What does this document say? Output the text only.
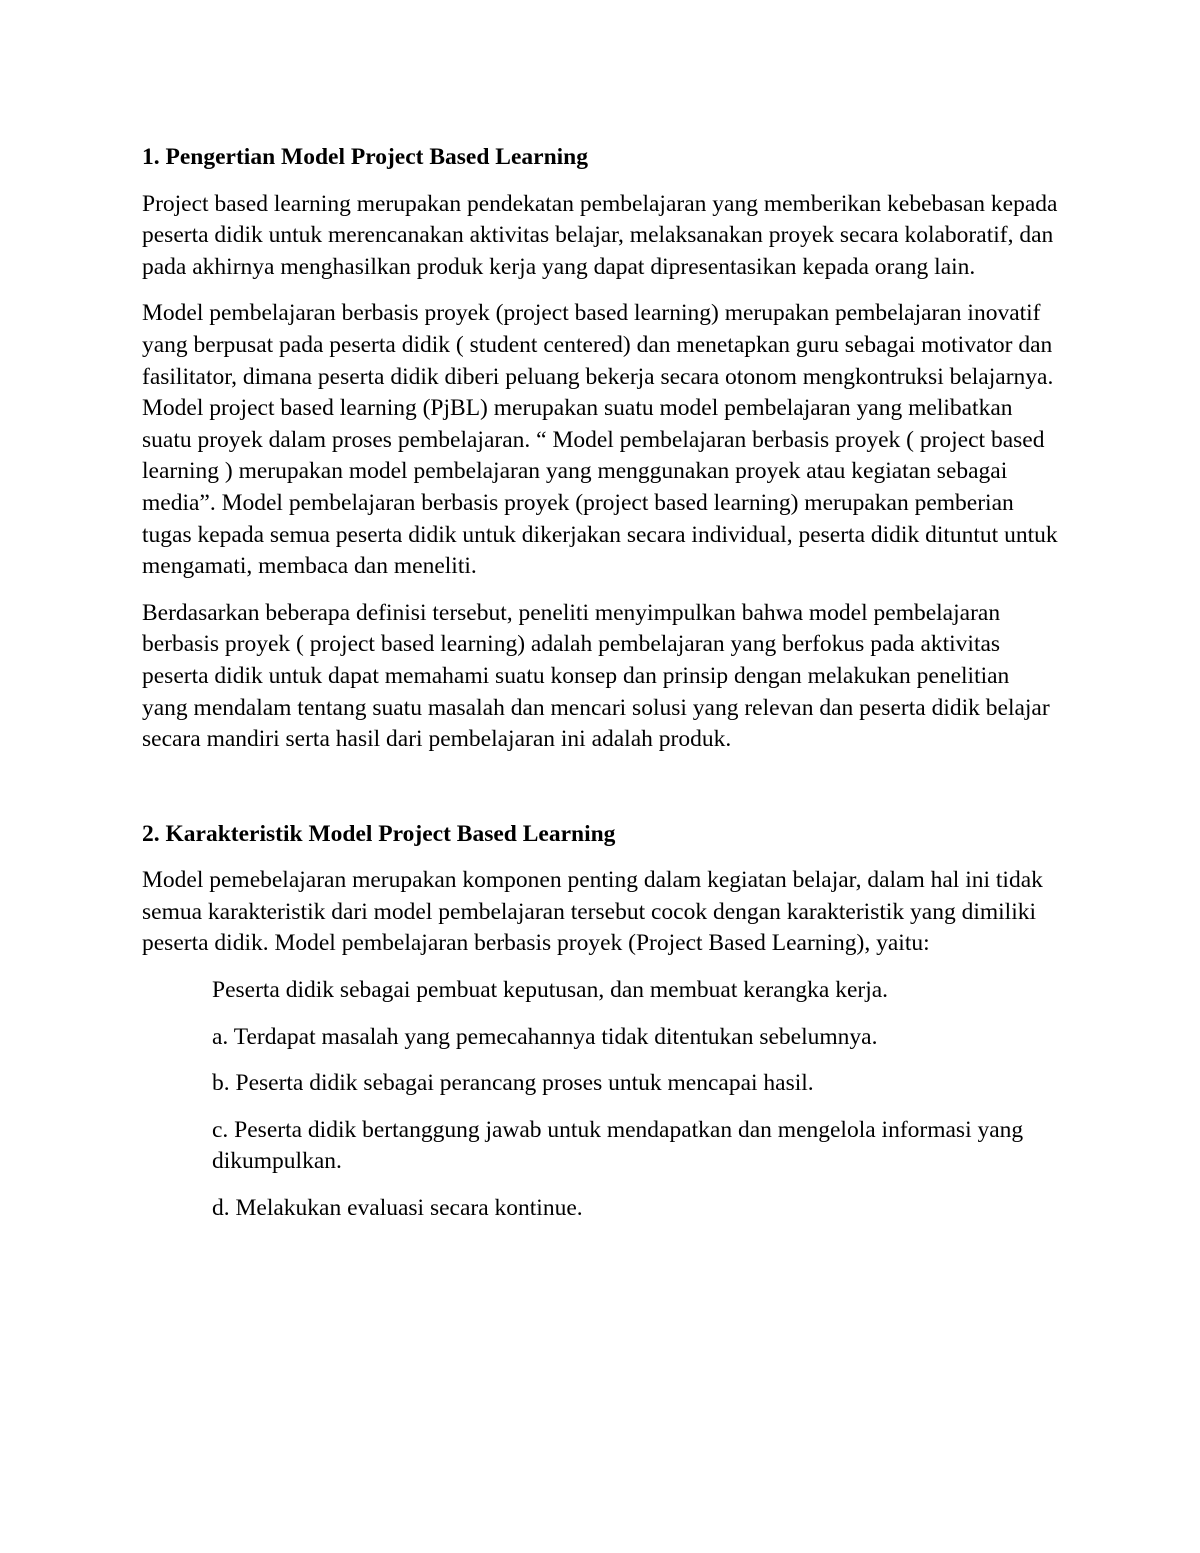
1. Pengertian Model Project Based Learning

Project based learning merupakan pendekatan pembelajaran yang memberikan kebebasan kepada peserta didik untuk merencanakan aktivitas belajar, melaksanakan proyek secara kolaboratif, dan pada akhirnya menghasilkan produk kerja yang dapat dipresentasikan kepada orang lain.

Model pembelajaran berbasis proyek (project based learning) merupakan pembelajaran inovatif yang berpusat pada peserta didik ( student centered) dan menetapkan guru sebagai motivator dan fasilitator, dimana peserta didik diberi peluang bekerja secara otonom mengkontruksi belajarnya. Model project based learning (PjBL) merupakan suatu model pembelajaran yang melibatkan suatu proyek dalam proses pembelajaran. “ Model pembelajaran berbasis proyek ( project based learning ) merupakan model pembelajaran yang menggunakan proyek atau kegiatan sebagai media”. Model pembelajaran berbasis proyek (project based learning) merupakan pemberian tugas kepada semua peserta didik untuk dikerjakan secara individual, peserta didik dituntut untuk mengamati, membaca dan meneliti.

Berdasarkan beberapa definisi tersebut, peneliti menyimpulkan bahwa model pembelajaran berbasis proyek ( project based learning) adalah pembelajaran yang berfokus pada aktivitas peserta didik untuk dapat memahami suatu konsep dan prinsip dengan melakukan penelitian yang mendalam tentang suatu masalah dan mencari solusi yang relevan dan peserta didik belajar secara mandiri serta hasil dari pembelajaran ini adalah produk.

2. Karakteristik Model Project Based Learning

Model pemebelajaran merupakan komponen penting dalam kegiatan belajar, dalam hal ini tidak semua karakteristik dari model pembelajaran tersebut cocok dengan karakteristik yang dimiliki peserta didik. Model pembelajaran berbasis proyek (Project Based Learning), yaitu:

Peserta didik sebagai pembuat keputusan, dan membuat kerangka kerja.

a. Terdapat masalah yang pemecahannya tidak ditentukan sebelumnya.

b. Peserta didik sebagai perancang proses untuk mencapai hasil.

c. Peserta didik bertanggung jawab untuk mendapatkan dan mengelola informasi yang dikumpulkan.

d. Melakukan evaluasi secara kontinue.
